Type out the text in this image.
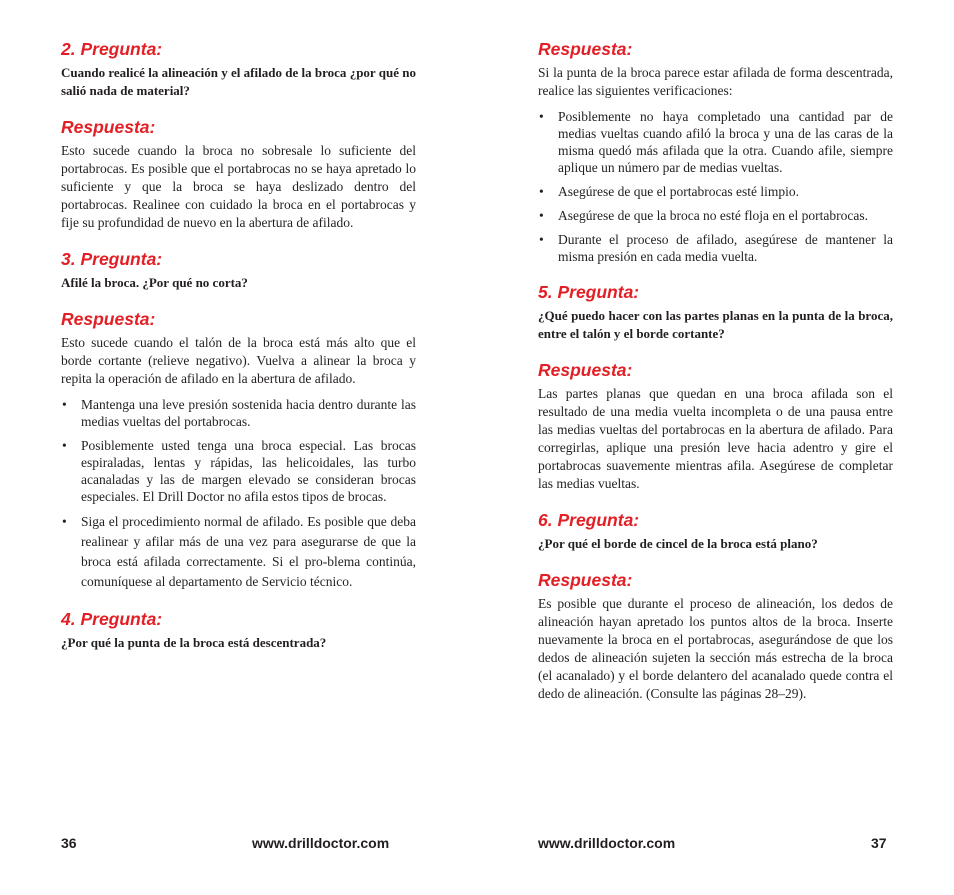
2. Pregunta:

Cuando realicé la alineación y el afilado de la broca ¿por qué no salió nada de material?

Respuesta:

Esto sucede cuando la broca no sobresale lo suficiente del portabrocas. Es posible que el portabrocas no se haya apretado lo suficiente y que la broca se haya deslizado dentro del portabrocas. Realinee con cuidado la broca en el portabrocas y fije su profundidad de nuevo en la abertura de afilado.

3. Pregunta:

Afilé la broca. ¿Por qué no corta?

Respuesta:

Esto sucede cuando el talón de la broca está más alto que el borde cortante (relieve negativo). Vuelva a alinear la broca y repita la operación de afilado en la abertura de afilado.

• Mantenga una leve presión sostenida hacia dentro durante las medias vueltas del portabrocas.
• Posiblemente usted tenga una broca especial. Las brocas espiraladas, lentas y rápidas, las helicoidales, las turbo acanaladas y las de margen elevado se consideran brocas especiales. El Drill Doctor no afila estos tipos de brocas.
• Siga el procedimiento normal de afilado. Es posible que deba realinear y afilar más de una vez para asegurarse de que la broca está afilada correctamente. Si el pro-blema continúa, comuníquese al departamento de Servicio técnico.
4. Pregunta:

¿Por qué la punta de la broca está descentrada?

36	www.drilldoctor.com
Respuesta:

Si la punta de la broca parece estar afilada de forma descentrada, realice las siguientes verificaciones:

• Posiblemente no haya completado una cantidad par de medias vueltas cuando afiló la broca y una de las caras de la misma quedó más afilada que la otra. Cuando afile, siempre aplique un número par de medias vueltas.
• Asegúrese de que el portabrocas esté limpio.
• Asegúrese de que la broca no esté floja en el portabrocas.
• Durante el proceso de afilado, asegúrese de mantener la misma presión en cada media vuelta.
5. Pregunta:

¿Qué puedo hacer con las partes planas en la punta de la broca, entre el talón y el borde cortante?

Respuesta:

Las partes planas que quedan en una broca afilada son el resultado de una media vuelta incompleta o de una pausa entre las medias vueltas del portabrocas en la abertura de afilado. Para corregirlas, aplique una presión leve hacia adentro y gire el portabrocas suavemente mientras afila. Asegúrese de completar las medias vueltas.

6. Pregunta:

¿Por qué el borde de cincel de la broca está plano?

Respuesta:

Es posible que durante el proceso de alineación, los dedos de alineación hayan apretado los puntos altos de la broca. Inserte nuevamente la broca en el portabrocas, asegurándose de que los dedos de alineación sujeten la sección más estrecha de la broca (el acanalado) y el borde delantero del acanalado quede contra el dedo de alineación. (Consulte las páginas 28–29).

www.drilldoctor.com	37
